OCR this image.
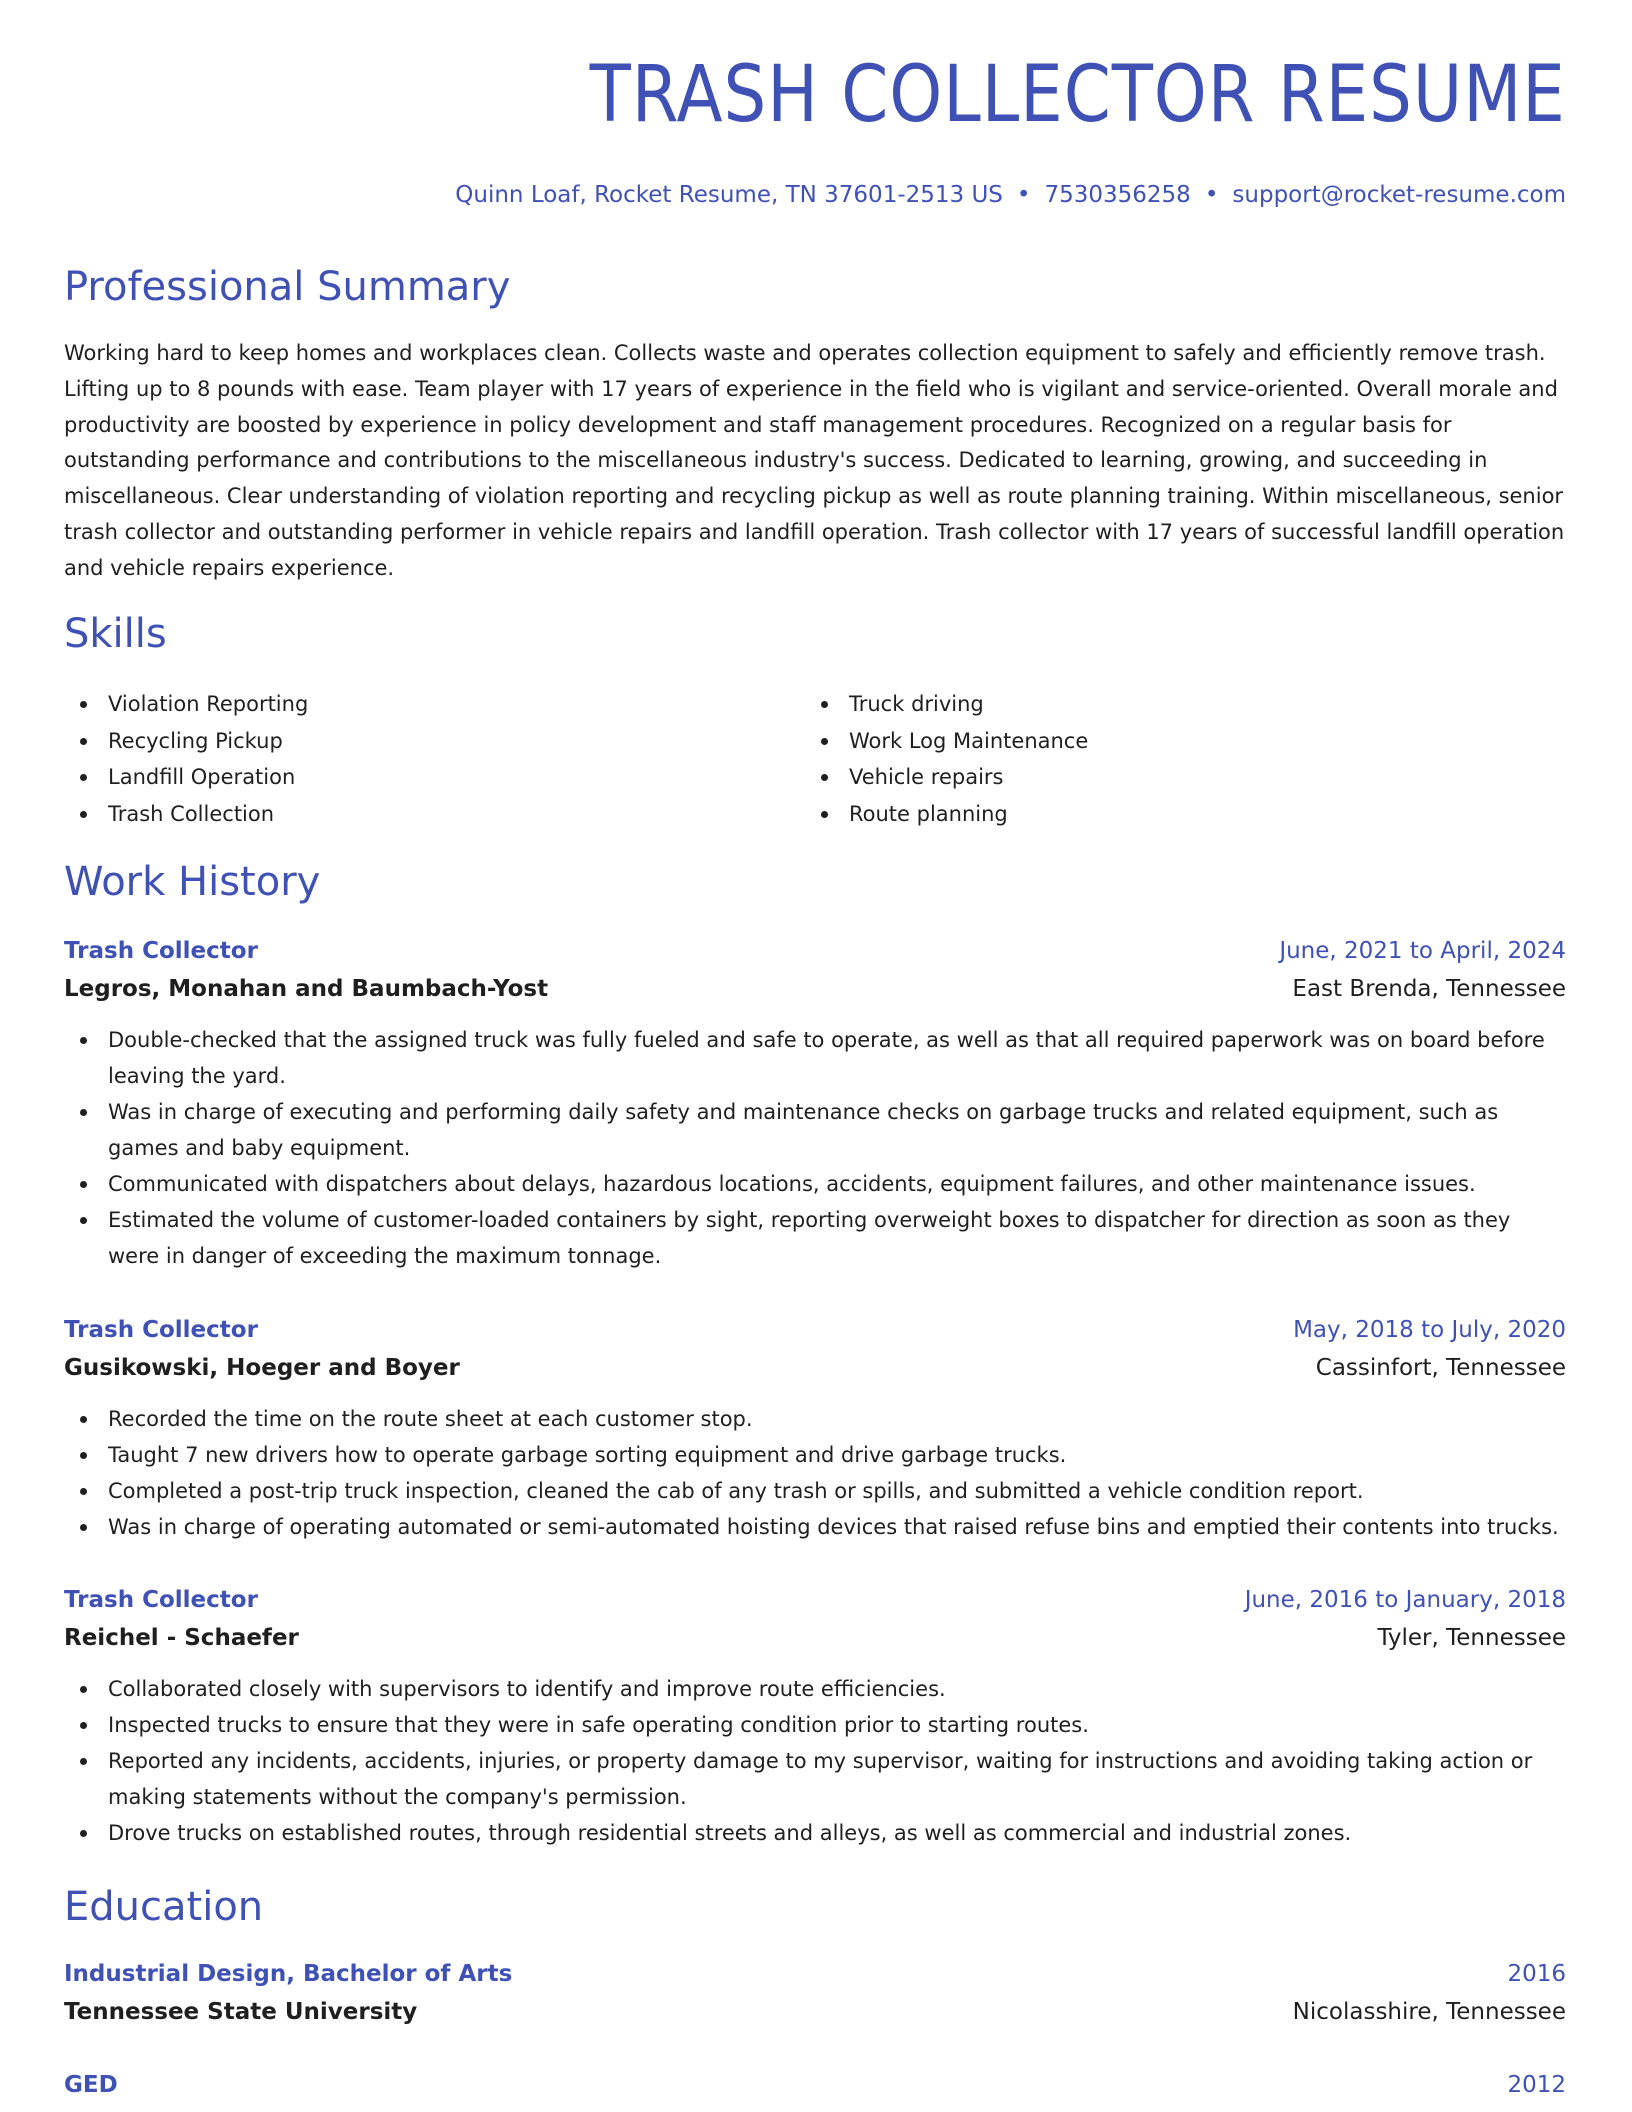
TRASH COLLECTOR RESUME
Quinn Loaf, Rocket Resume, TN 37601-2513 US • 7530356258 • support@rocket-resume.com
Professional Summary

Working hard to keep homes and workplaces clean. Collects waste and operates collection equipment to safely and efficiently remove trash. Lifting up to 8 pounds with ease. Team player with 17 years of experience in the field who is vigilant and service-oriented. Overall morale and productivity are boosted by experience in policy development and staff management procedures. Recognized on a regular basis for outstanding performance and contributions to the miscellaneous industry's success. Dedicated to learning, growing, and succeeding in miscellaneous. Clear understanding of violation reporting and recycling pickup as well as route planning training. Within miscellaneous, senior trash collector and outstanding performer in vehicle repairs and landfill operation. Trash collector with 17 years of successful landfill operation and vehicle repairs experience.

Skills
Violation Reporting
Recycling Pickup
Landfill Operation
Trash Collection
Truck driving
Work Log Maintenance
Vehicle repairs
Route planning
Work History
Trash Collector	June, 2021 to April, 2024
Legros, Monahan and Baumbach-Yost	East Brenda, Tennessee
Double-checked that the assigned truck was fully fueled and safe to operate, as well as that all required paperwork was on board before leaving the yard.
Was in charge of executing and performing daily safety and maintenance checks on garbage trucks and related equipment, such as games and baby equipment.
Communicated with dispatchers about delays, hazardous locations, accidents, equipment failures, and other maintenance issues.
Estimated the volume of customer-loaded containers by sight, reporting overweight boxes to dispatcher for direction as soon as they were in danger of exceeding the maximum tonnage.
Trash Collector	May, 2018 to July, 2020
Gusikowski, Hoeger and Boyer	Cassinfort, Tennessee
Recorded the time on the route sheet at each customer stop.
Taught 7 new drivers how to operate garbage sorting equipment and drive garbage trucks.
Completed a post-trip truck inspection, cleaned the cab of any trash or spills, and submitted a vehicle condition report.
Was in charge of operating automated or semi-automated hoisting devices that raised refuse bins and emptied their contents into trucks.
Trash Collector	June, 2016 to January, 2018
Reichel - Schaefer	Tyler, Tennessee
Collaborated closely with supervisors to identify and improve route efficiencies.
Inspected trucks to ensure that they were in safe operating condition prior to starting routes.
Reported any incidents, accidents, injuries, or property damage to my supervisor, waiting for instructions and avoiding taking action or making statements without the company's permission.
Drove trucks on established routes, through residential streets and alleys, as well as commercial and industrial zones.
Education
Industrial Design, Bachelor of Arts	2016
Tennessee State University	Nicolasshire, Tennessee
GED	2012
